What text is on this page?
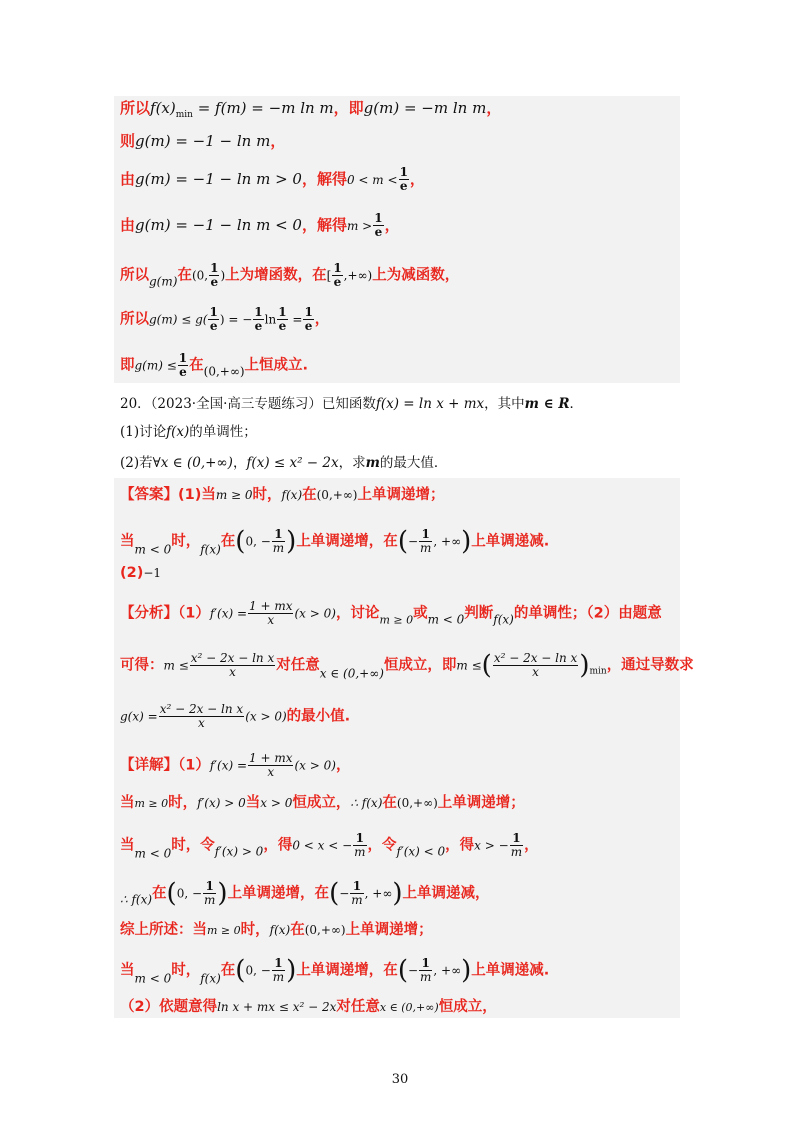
所以$f(x)_{min} = f(m) = -m$ ln m，即g(m) = −m ln m，
则g(m) = −1 − ln m，
由g(m) = −1 − ln m > 0，解得$0 < m < \frac{1}{e}$ ，
由g(m) = −1 − ln m < 0，解得$m > \frac{1}{e}$ ，
所以$_{g(m)}$在(0, $\frac{1}{e}$ )上为增函数，在[ $\frac{1}{e}$ ,+∞)上为减函数，
所以$g(m) \le g( \frac{1}{e}$ ) = − $\frac{1}{e}$ $\ln \frac{1}{e} = \frac{1}{e}$ ，
即$g(m) \le \frac{1}{e}$ 在$_{(0,+\infty)}$上恒成立.
20．（2023·全国·高三专题练习）已知函数f(x) = ln x + mx，其中m ∈ R．
(1)讨论f(x)的单调性；
(2)若∀x ∈ (0,+∞)，f(x) ≤ x² − 2x，求m的最大值．
【答案】(1)当m ≥ 0时，f(x)在(0,+∞)上单调递增；
当$_{m < 0}$时，$_{f(x)}$在(0, − $\frac{1}{m}$ )上单调递增，在(− $\frac{1}{m}$ , +∞)上单调递减.
(2)−1
【分析】$(1)f'(x) = \frac{1 + mx}{x} (x > 0)$，讨论$_{m \ge 0}$或$_{m < 0}$判断$_{f(x)}$的单调性；（2）由题意
可得：$m \le \frac{\text{x² − 2x − ln x}}{x}$ 对任意$_{x \in (0,+\infty)}$恒成立，即m ≤( $\frac{\text{x² − 2x − ln x}}{x} )_{min}$，通过导数求
$g(x) = \frac{\text{x² − 2x − ln x}}{x} (x > 0)$的最小值.
【详解】$(1)f'(x) = \frac{1 + mx}{x} (x > 0)$，
当m ≥ 0时，f′(x) > 0当x > 0恒成立，∴ f(x)在(0,+∞)上单调递增；
当$_{m < 0}$时，令$_{f'(x) > 0}$，得0 < x < − $\frac{1}{m}$ ，令$_{f'(x) < 0}$，得x > − $\frac{1}{m}$ ，
$_{\therefore f(x)}$在(0, − $\frac{1}{m}$ )上单调递增，在(− $\frac{1}{m}$ , +∞)上单调递减，
综上所述：当m ≥ 0时，f(x)在(0,+∞)上单调递增；
当$_{m < 0}$时，$_{f(x)}$在(0, − $\frac{1}{m}$ )上单调递增，在(− $\frac{1}{m}$ , +∞)上单调递减.
（2）依题意得ln x + mx ≤ x² − 2x对任意x ∈ (0,+∞)恒成立，
30
